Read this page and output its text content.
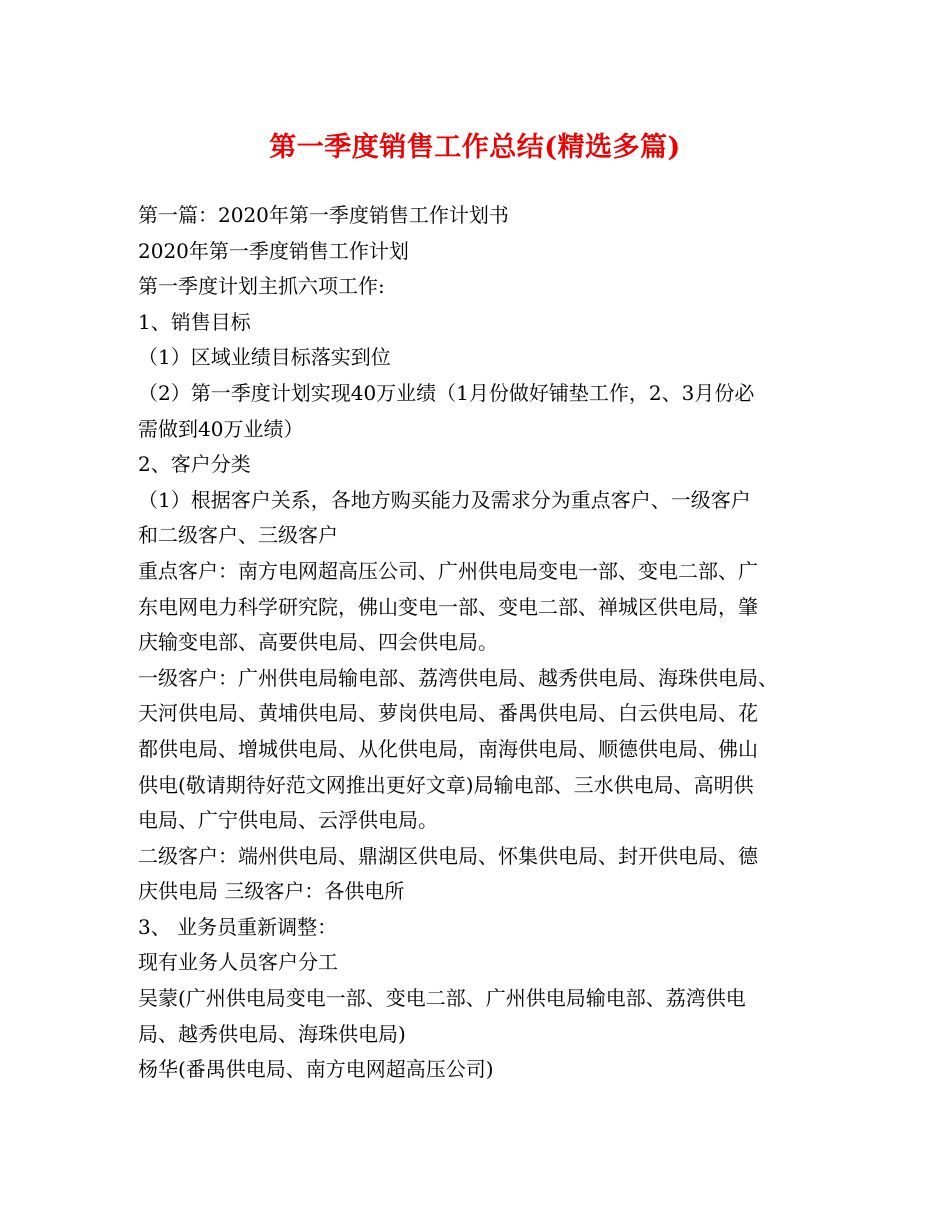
第一季度销售工作总结(精选多篇)
第一篇：2020年第一季度销售工作计划书
2020年第一季度销售工作计划
第一季度计划主抓六项工作:
1、销售目标
（1）区域业绩目标落实到位
（2）第一季度计划实现40万业绩（1月份做好铺垫工作，2、3月份必
需做到40万业绩）
2、客户分类
（1）根据客户关系，各地方购买能力及需求分为重点客户、一级客户
和二级客户、三级客户
重点客户：南方电网超高压公司、广州供电局变电一部、变电二部、广
东电网电力科学研究院，佛山变电一部、变电二部、禅城区供电局，肇
庆输变电部、高要供电局、四会供电局。
一级客户：广州供电局输电部、荔湾供电局、越秀供电局、海珠供电局、
天河供电局、黄埔供电局、萝岗供电局、番禺供电局、白云供电局、花
都供电局、增城供电局、从化供电局，南海供电局、顺德供电局、佛山
供电(敬请期待好范文网推出更好文章)局输电部、三水供电局、高明供
电局、广宁供电局、云浮供电局。
二级客户：端州供电局、鼎湖区供电局、怀集供电局、封开供电局、德
庆供电局 三级客户：各供电所
3、 业务员重新调整：
现有业务人员客户分工
吴蒙(广州供电局变电一部、变电二部、广州供电局输电部、荔湾供电
局、越秀供电局、海珠供电局)
杨华(番禺供电局、南方电网超高压公司)
